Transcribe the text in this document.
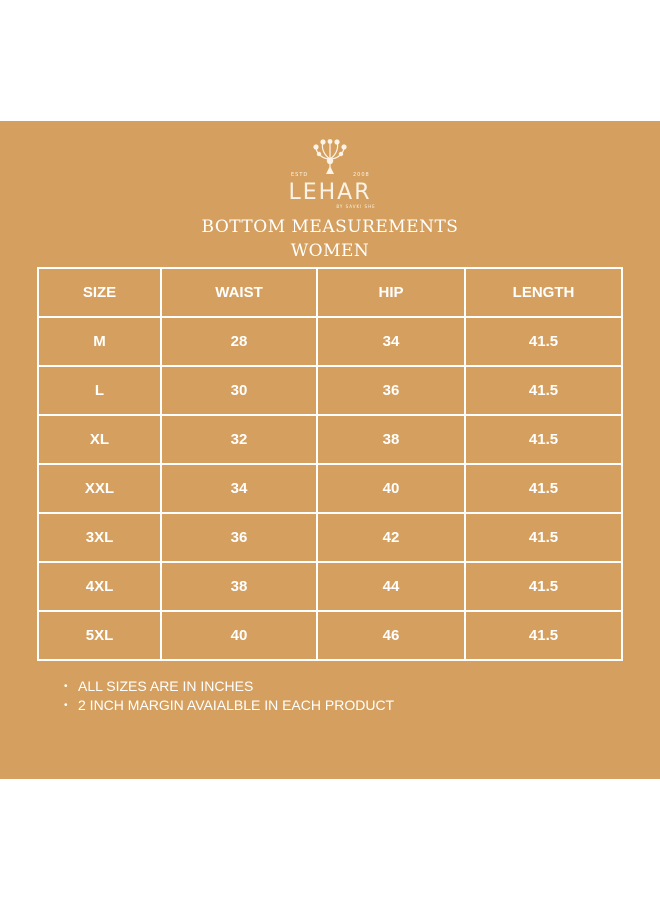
ESTD	2008
LEHAR
BY SAVKI SHE
BOTTOM MEASUREMENTS
WOMEN
SIZE	WAIST	HIP	LENGTH
M	28	34	41.5
L	30	36	41.5
XL	32	38	41.5
XXL	34	40	41.5
3XL	36	42	41.5
4XL	38	44	41.5
5XL	40	46	41.5
• ALL SIZES ARE IN INCHES
• 2 INCH MARGIN AVAIALBLE IN EACH PRODUCT
